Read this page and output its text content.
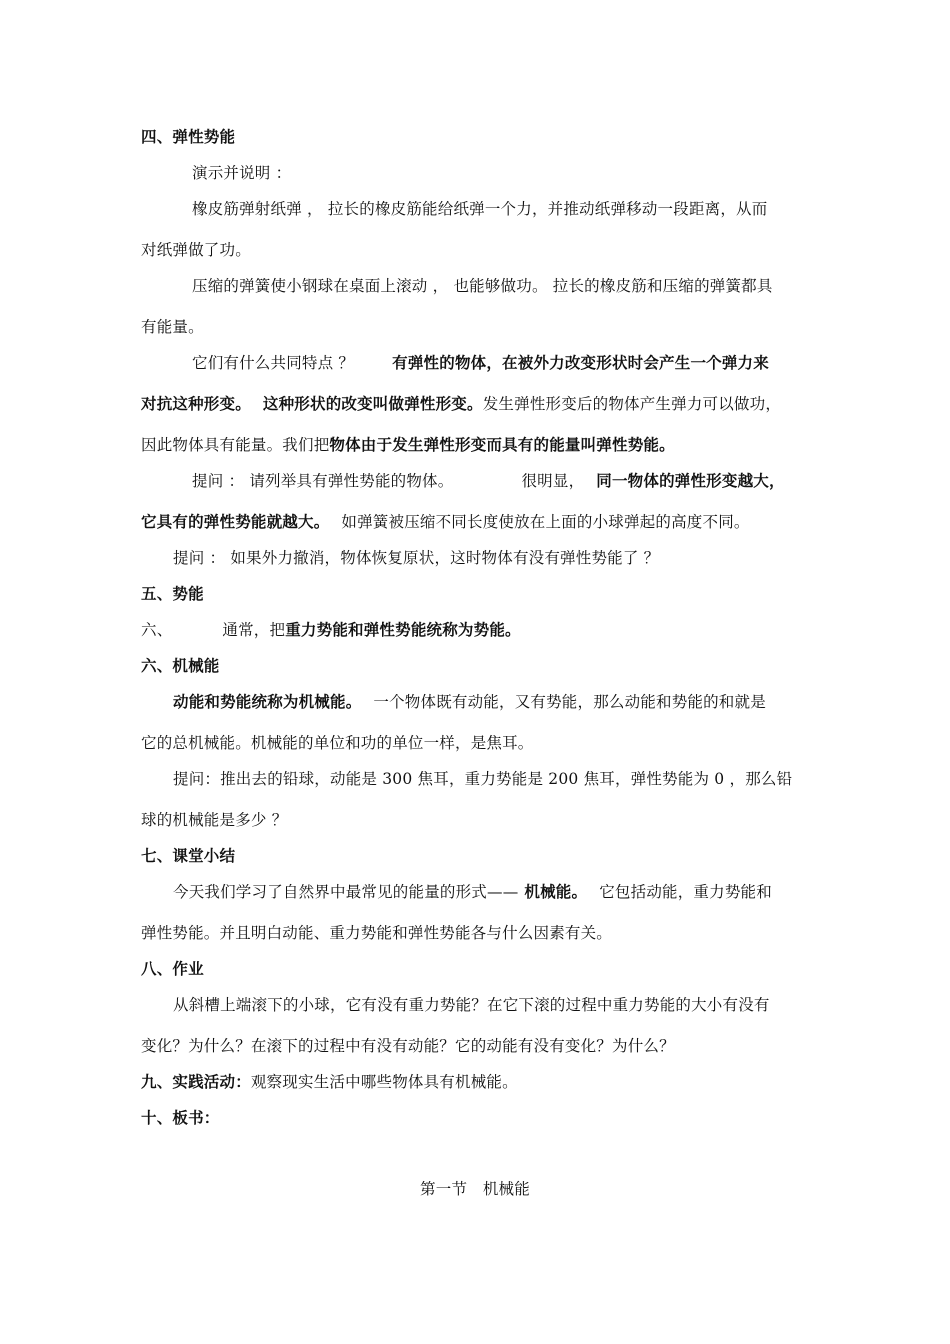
四、弹性势能
演示并说明 ：
橡皮筋弹射纸弹 ， 拉长的橡皮筋能给纸弹一个力，并推动纸弹移动一段距离，从而
对纸弹做了功。
压缩的弹簧使小钢球在桌面上滚动 ， 也能够做功。 拉长的橡皮筋和压缩的弹簧都具
有能量。
它们有什么共同特点 ？ 有弹性的物体，在被外力改变形状时会产生一个弹力来
对抗这种形变。 这种形状的改变叫做弹性形变。发生弹性形变后的物体产生弹力可以做功，
因此物体具有能量。我们把物体由于发生弹性形变而具有的能量叫弹性势能。
提问 ： 请列举具有弹性势能的物体。	很明显， 同一物体的弹性形变越大，
它具有的弹性势能就越大。 如弹簧被压缩不同长度使放在上面的小球弹起的高度不同。
提问 ： 如果外力撤消，物体恢复原状，这时物体有没有弹性势能了 ？
五、势能
六、	通常，把重力势能和弹性势能统称为势能。
六、机械能
动能和势能统称为机械能。 一个物体既有动能，又有势能，那么动能和势能的和就是
它的总机械能。机械能的单位和功的单位一样，是焦耳。
提问：推出去的铅球，动能是 300 焦耳，重力势能是 200 焦耳，弹性势能为 0 ，那么铅
球的机械能是多少 ？
七、课堂小结
今天我们学习了自然界中最常见的能量的形式—— 机械能。 它包括动能，重力势能和
弹性势能。并且明白动能、重力势能和弹性势能各与什么因素有关。
八、作业
从斜槽上端滚下的小球，它有没有重力势能？在它下滚的过程中重力势能的大小有没有
变化？为什么？在滚下的过程中有没有动能？它的动能有没有变化？为什么？
九、实践活动：观察现实生活中哪些物体具有机械能。
十、板书：
第一节　机械能
